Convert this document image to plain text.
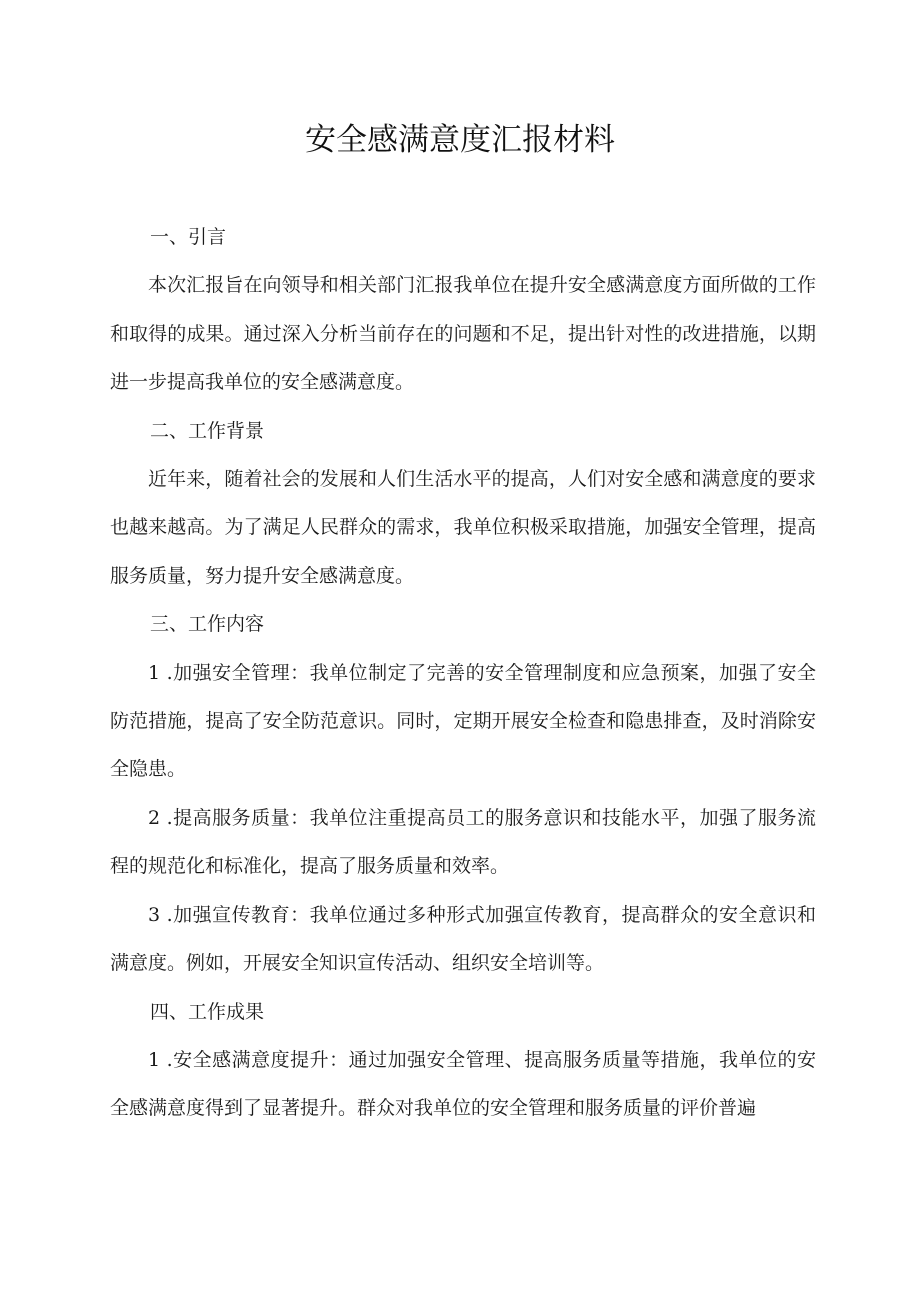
安全感满意度汇报材料

一、引言

本次汇报旨在向领导和相关部门汇报我单位在提升安全感满意度方面所做的工作和取得的成果。通过深入分析当前存在的问题和不足，提出针对性的改进措施，以期进一步提高我单位的安全感满意度。

二、工作背景

近年来，随着社会的发展和人们生活水平的提高，人们对安全感和满意度的要求也越来越高。为了满足人民群众的需求，我单位积极采取措施，加强安全管理，提高服务质量，努力提升安全感满意度。

三、工作内容

1 .加强安全管理：我单位制定了完善的安全管理制度和应急预案，加强了安全防范措施，提高了安全防范意识。同时，定期开展安全检查和隐患排查，及时消除安全隐患。

2 .提高服务质量：我单位注重提高员工的服务意识和技能水平，加强了服务流程的规范化和标准化，提高了服务质量和效率。

3 .加强宣传教育：我单位通过多种形式加强宣传教育，提高群众的安全意识和满意度。例如，开展安全知识宣传活动、组织安全培训等。

四、工作成果

1 .安全感满意度提升：通过加强安全管理、提高服务质量等措施，我单位的安全感满意度得到了显著提升。群众对我单位的安全管理和服务质量的评价普遍
